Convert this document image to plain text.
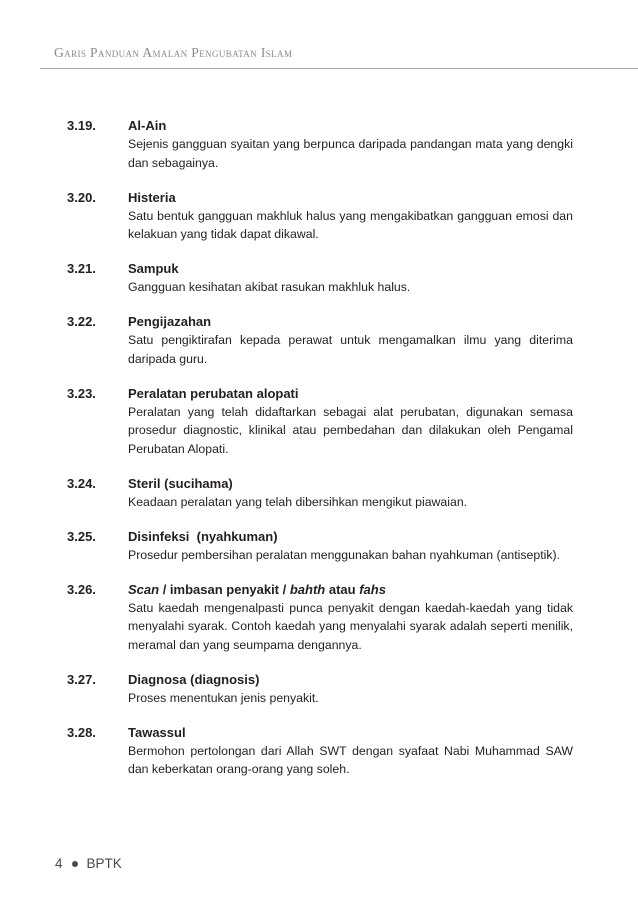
Garis Panduan Amalan Pengubatan Islam
3.19. Al-Ain
Sejenis gangguan syaitan yang berpunca daripada pandangan mata yang dengki dan sebagainya.
3.20. Histeria
Satu bentuk gangguan makhluk halus yang mengakibatkan gangguan emosi dan kelakuan yang tidak dapat dikawal.
3.21. Sampuk
Gangguan kesihatan akibat rasukan makhluk halus.
3.22. Pengijazahan
Satu pengiktirafan kepada perawat untuk mengamalkan ilmu yang diterima daripada guru.
3.23. Peralatan perubatan alopati
Peralatan yang telah didaftarkan sebagai alat perubatan, digunakan semasa prosedur diagnostic, klinikal atau pembedahan dan dilakukan oleh Pengamal Perubatan Alopati.
3.24. Steril (sucihama)
Keadaan peralatan yang telah dibersihkan mengikut piawaian.
3.25. Disinfeksi  (nyahkuman)
Prosedur pembersihan peralatan menggunakan bahan nyahkuman (antiseptik).
3.26. Scan / imbasan penyakit / bahth atau fahs
Satu kaedah mengenalpasti punca penyakit dengan kaedah-kaedah yang tidak menyalahi syarak. Contoh kaedah yang menyalahi syarak adalah seperti menilik, meramal dan yang seumpama dengannya.
3.27. Diagnosa (diagnosis)
Proses menentukan jenis penyakit.
3.28. Tawassul
Bermohon pertolongan dari Allah SWT dengan syafaat Nabi Muhammad SAW dan keberkatan orang-orang yang soleh.
4 BPTK
